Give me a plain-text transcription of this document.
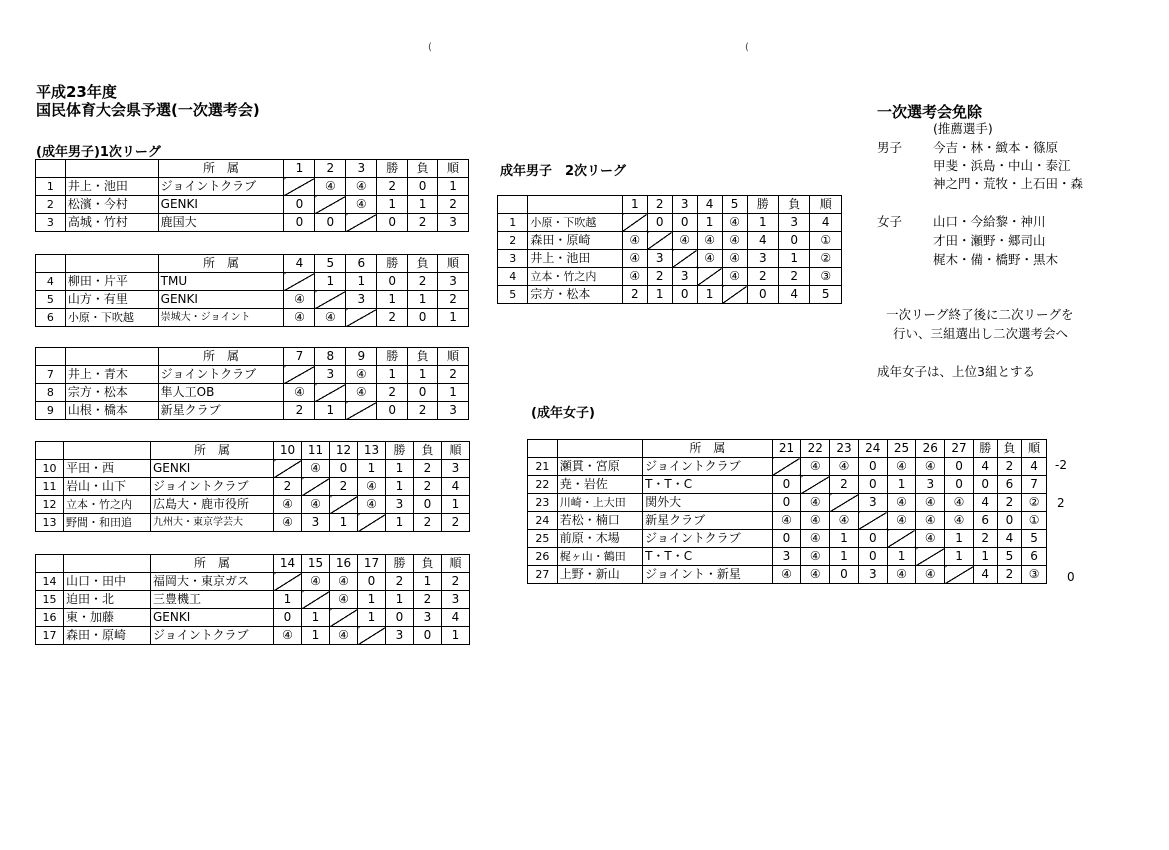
(	(
平成23年度
国民体育大会県予選(一次選考会)
(成年男子)1次リーグ
		所　属	1	2	3	勝	負	順
1	井上・池田	ジョイントクラブ		④	④	2	0	1
2	松濱・今村	GENKI	0		④	1	1	2
3	高城・竹村	鹿国大	0	0		0	2	3
		所　属	4	5	6	勝	負	順
4	柳田・片平	TMU		1	1	0	2	3
5	山方・有里	GENKI	④		3	1	1	2
6	小原・下吹越	崇城大・ジョイント	④	④		2	0	1
		所　属	7	8	9	勝	負	順
7	井上・青木	ジョイントクラブ		3	④	1	1	2
8	宗方・松本	隼人工OB	④		④	2	0	1
9	山根・橋本	新星クラブ	2	1		0	2	3
		所　属	10	11	12	13	勝	負	順
10	平田・西	GENKI		④	0	1	1	2	3
11	岩山・山下	ジョイントクラブ	2		2	④	1	2	4
12	立本・竹之内	広島大・鹿市役所	④	④		④	3	0	1
13	野間・和田追	九州大・東京学芸大	④	3	1		1	2	2
		所　属	14	15	16	17	勝	負	順
14	山口・田中	福岡大・東京ガス		④	④	0	2	1	2
15	迫田・北	三豊機工	1		④	1	1	2	3
16	東・加藤	GENKI	0	1		1	0	3	4
17	森田・原崎	ジョイントクラブ	④	1	④		3	0	1
成年男子　2次リーグ
		1	2	3	4	5	勝	負	順
1	小原・下吹越		0	0	1	④	1	3	4
2	森田・原崎	④		④	④	④	4	0	①
3	井上・池田	④	3		④	④	3	1	②
4	立本・竹之内	④	2	3		④	2	2	③
5	宗方・松本	2	1	0	1		0	4	5
(成年女子)
		所　属	21	22	23	24	25	26	27	勝	負	順
21	瀬貫・宮原	ジョイントクラブ		④	④	0	④	④	0	4	2	4
22	尭・岩佐	T・T・C	0		2	0	1	3	0	0	6	7
23	川崎・上大田	関外大	0	④		3	④	④	④	4	2	②
24	若松・楠口	新星クラブ	④	④	④		④	④	④	6	0	①
25	前原・木場	ジョイントクラブ	0	④	1	0		④	1	2	4	5
26	梶ヶ山・鶴田	T・T・C	3	④	1	0	1		1	1	5	6
27	上野・新山	ジョイント・新星	④	④	0	3	④	④		4	2	③
-2
2
0
一次選考会免除
(推薦選手)
男子 今吉・林・緻本・篠原
甲斐・浜島・中山・泰江
神之門・荒牧・上石田・森
女子 山口・今給黎・神川
才田・瀬野・郷司山
梶木・備・橋野・黒木
一次リーグ終了後に二次リーグを
行い、三組選出し二次選考会へ
成年女子は、上位3組とする
